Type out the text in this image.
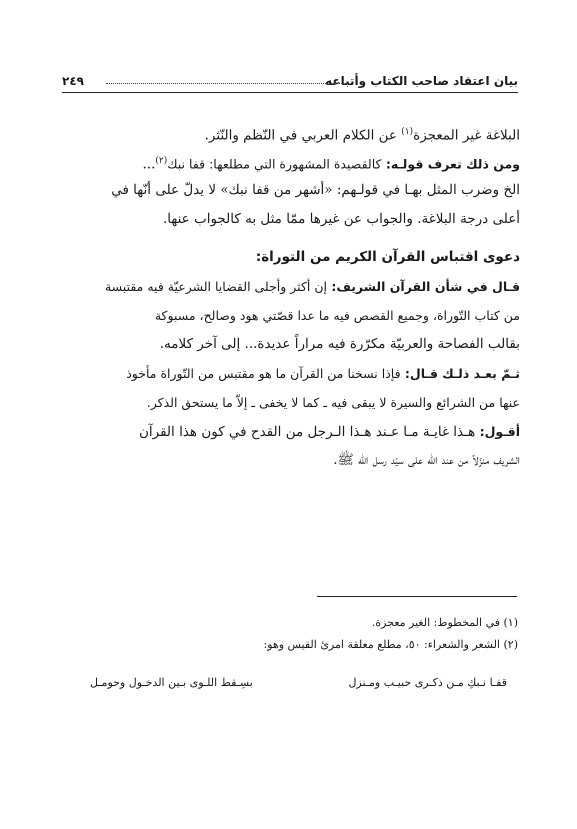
بيان اعتقاد صاحب الكتاب وأتباعه
٢٤٩
البلاغة غير المعجزة$^{(١)}$ عن الكلام العربي في النّظم والنّثر.
ومن ذلك تعرف قولـه: كالقصيدة المشهورة التي مطلعها: قفا نبك$^{(٢)}$...
الخ وضرب المثل بهـا في قولـهم: «أشهر من قفا نبك» لا يدلّ على أنّها في
أعلى درجة البلاغة. والجواب عن غيرها ممّا مثل به كالجواب عنها.
دعوى اقتباس القرآن الكريم من التوراة:
قـال في شأن القرآن الشريف: إن أكثر وأجلى القضايا الشرعيّة فيه مقتبسة
من كتاب التّوراة، وجميع القصص فيه ما عدا قصّتي هود وصالح، مسبوكة
بقالب الفصاحة والعربيّة مكرّرة فيه مراراً عديدة... إلى آخر كلامه.
ثـمّ بعـد ذلـك قـال: فإذا نسخنا من القرآن ما هو مقتبس من التّوراة مأخوذ
عنها من الشرائع والسيرة لا يبقى فيه ـ كما لا يخفى ـ إلاّ ما يستحق الذكر.
أقـول: هـذا غايـة مـا عـند هـذا الـرجل من القدح في كون هذا القرآن
الشريف منزّلاً من عند الله على سيّد رسل الله ﷺ.
(١) في المخطوط: الغير معجزة.
(٢) الشعر والشعراء: ٥٠، مطلع معلقة امرئ القيس وهو:
قفـا نـبكِ مـن ذكـرى حبيـب ومـنزل
بسِـقط اللـوى بـين الدخـول وحومـل
